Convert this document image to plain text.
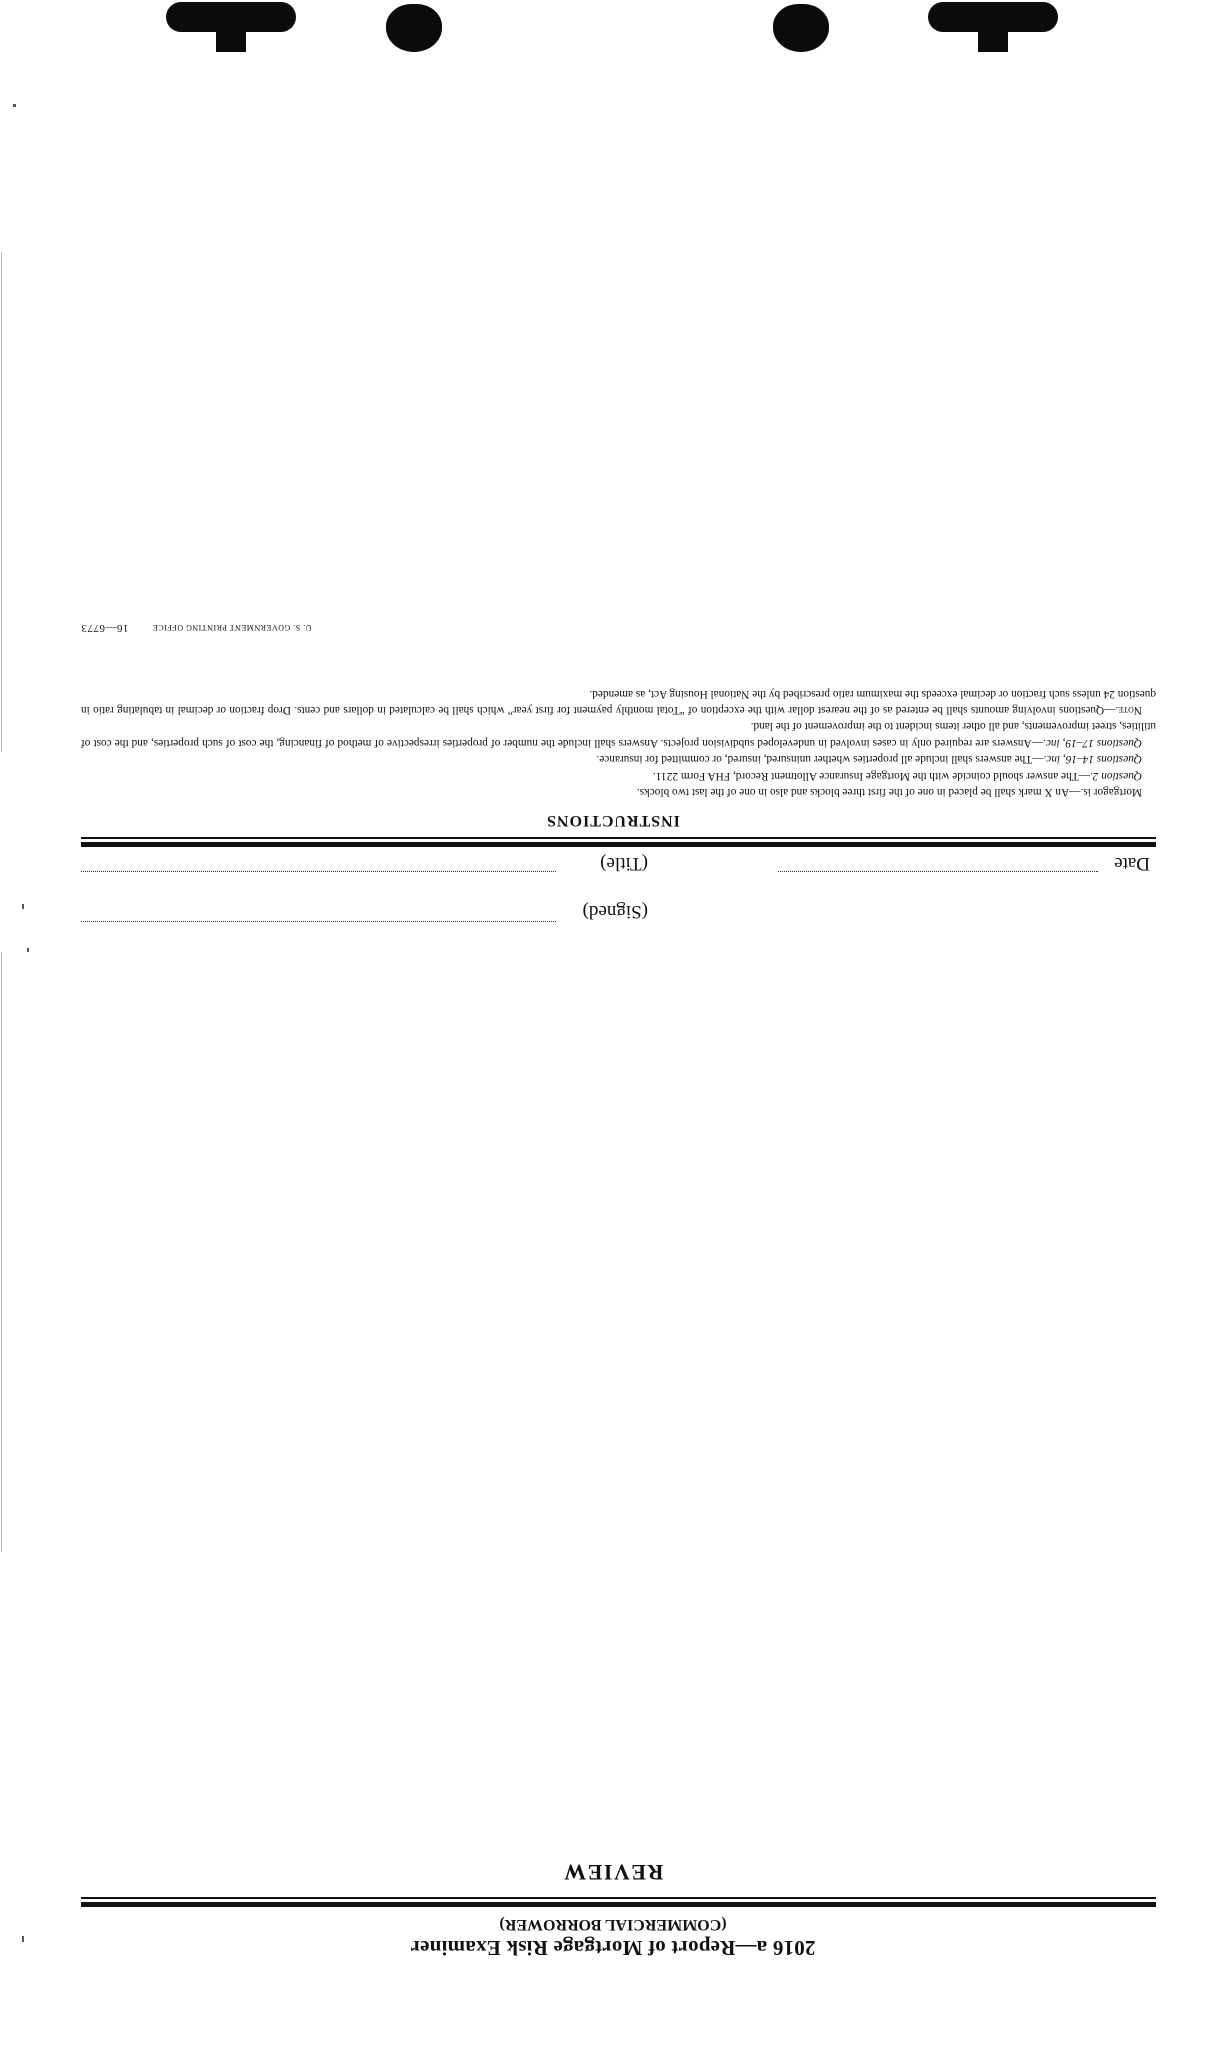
2016 a—Report of Mortgage Risk Examiner
(COMMERCIAL BORROWER)
REVIEW
(Signed)
Date
(Title)
INSTRUCTIONS

Mortgagor is.—An X mark shall be placed in one of the first three blocks and also in one of the last two blocks.

Question 2.—The answer should coincide with the Mortgage Insurance Allotment Record, FHA Form 2211.

Questions 14–16, inc.—The answers shall include all properties whether uninsured, insured, or committed for insurance.

Questions 17–19, inc.—Answers are required only in cases involved in undeveloped subdivision projects. Answers shall include the number of properties irrespective of method of financing, the cost of such properties, and the cost of utilities, street improvements, and all other items incident to the improvement of the land.

Note.—Questions involving amounts shall be entered as of the nearest dollar with the exception of “Total monthly payment for first year” which shall be calculated in dollars and cents. Drop fraction or decimal in tabulating ratio in question 24 unless such fraction or decimal exceeds the maximum ratio prescribed by the National Housing Act, as amended.

U. S. GOVERNMENT PRINTING OFFICE16—6773
